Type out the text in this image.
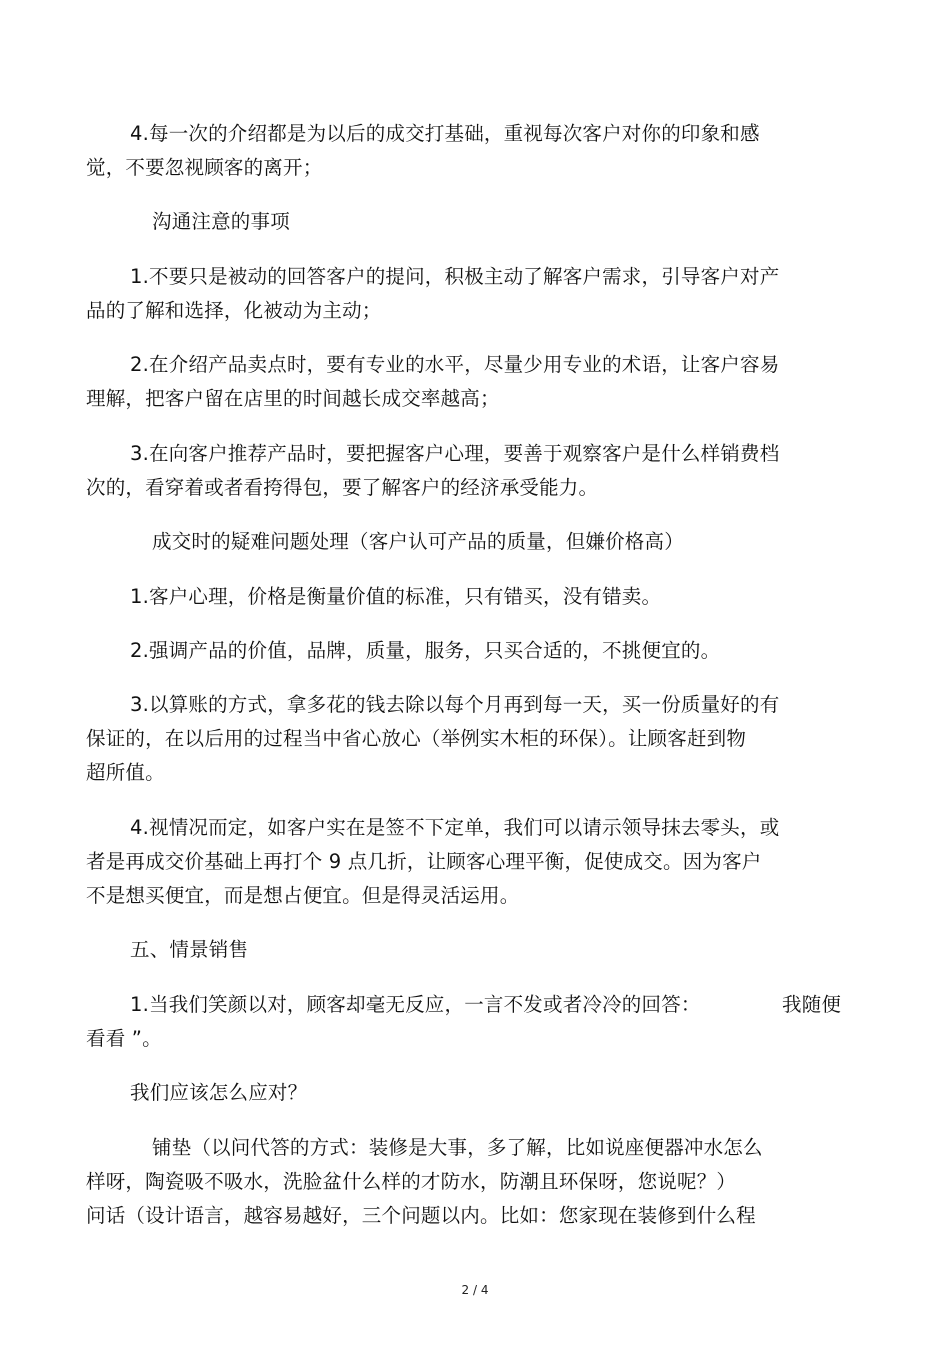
4.每一次的介绍都是为以后的成交打基础，重视每次客户对你的印象和感
觉，不要忽视顾客的离开；
沟通注意的事项
1.不要只是被动的回答客户的提问，积极主动了解客户需求，引导客户对产
品的了解和选择，化被动为主动；
2.在介绍产品卖点时，要有专业的水平，尽量少用专业的术语，让客户容易
理解，把客户留在店里的时间越长成交率越高；
3.在向客户推荐产品时，要把握客户心理，要善于观察客户是什么样销费档
次的，看穿着或者看挎得包，要了解客户的经济承受能力。
成交时的疑难问题处理（客户认可产品的质量，但嫌价格高）
1.客户心理，价格是衡量价值的标准，只有错买，没有错卖。
2.强调产品的价值，品牌，质量，服务，只买合适的，不挑便宜的。
3.以算账的方式，拿多花的钱去除以每个月再到每一天，买一份质量好的有
保证的，在以后用的过程当中省心放心（举例实木柜的环保）。让顾客赶到物
超所值。
4.视情况而定，如客户实在是签不下定单，我们可以请示领导抹去零头，或
者是再成交价基础上再打个 9 点几折，让顾客心理平衡，促使成交。因为客户
不是想买便宜，而是想占便宜。但是得灵活运用。
五、情景销售
1.当我们笑颜以对，顾客却毫无反应，一言不发或者冷冷的回答：	我随便
看看 ”。
我们应该怎么应对？
铺垫（以问代答的方式：装修是大事，多了解，比如说座便器冲水怎么
样呀，陶瓷吸不吸水，洗脸盆什么样的才防水，防潮且环保呀，您说呢？）
问话（设计语言，越容易越好，三个问题以内。比如：您家现在装修到什么程
2 / 4
